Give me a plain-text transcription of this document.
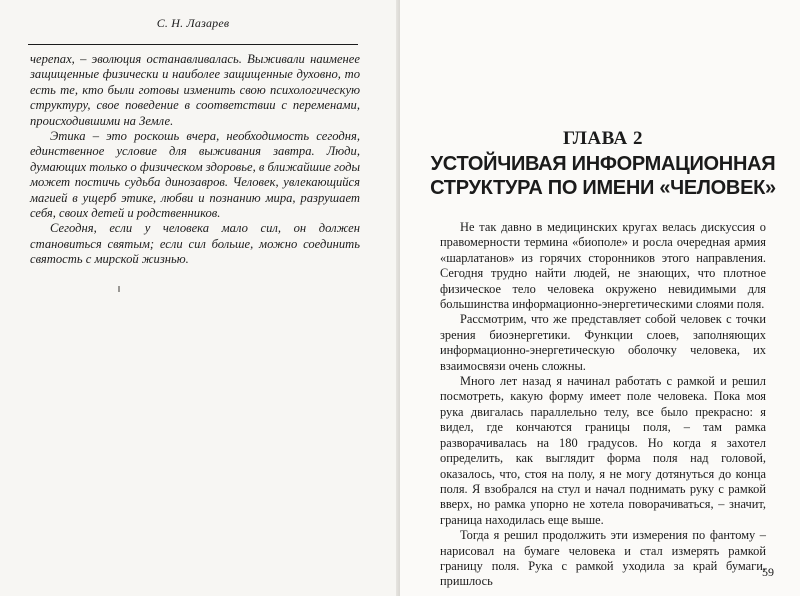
С. Н. Лазарев

черепах, – эволюция останавливалась. Выживали наименее защищенные физически и наиболее защищенные духовно, то есть те, кто были готовы изменить свою психологическую структуру, свое поведение в соответствии с переменами, происходившими на Земле.

Этика – это роскошь вчера, необходимость сегодня, единственное условие для выживания завтра. Люди, думающих только о физическом здоровье, в ближайшие годы может постичь судьба динозавров. Человек, увлекающийся магией в ущерб этике, любви и познанию мира, разрушает себя, своих детей и родственников.

Сегодня, если у человека мало сил, он должен становиться святым; если сил больше, можно соединить святость с мирской жизнью.

ГЛАВА 2
УСТОЙЧИВАЯ ИНФОРМАЦИОННАЯ СТРУКТУРА ПО ИМЕНИ «ЧЕЛОВЕК»

Не так давно в медицинских кругах велась дискуссия о правомерности термина «биополе» и росла очередная армия «шарлатанов» из горячих сторонников этого направления. Сегодня трудно найти людей, не знающих, что плотное физическое тело человека окружено невидимыми для большинства информационно-энергетическими слоями поля.

Рассмотрим, что же представляет собой человек с точки зрения биоэнергетики. Функции слоев, заполняющих информационно-энергетическую оболочку человека, их взаимосвязи очень сложны.

Много лет назад я начинал работать с рамкой и решил посмотреть, какую форму имеет поле человека. Пока моя рука двигалась параллельно телу, все было прекрасно: я видел, где кончаются границы поля, – там рамка разворачивалась на 180 градусов. Но когда я захотел определить, как выглядит форма поля над головой, оказалось, что, стоя на полу, я не могу дотянуться до конца поля. Я взобрался на стул и начал поднимать руку с рамкой вверх, но рамка упорно не хотела поворачиваться, – значит, граница находилась еще выше.

Тогда я решил продолжить эти измерения по фантому – нарисовал на бумаге человека и стал измерять рамкой границу поля. Рука с рамкой уходила за край бумаги, пришлось

59
